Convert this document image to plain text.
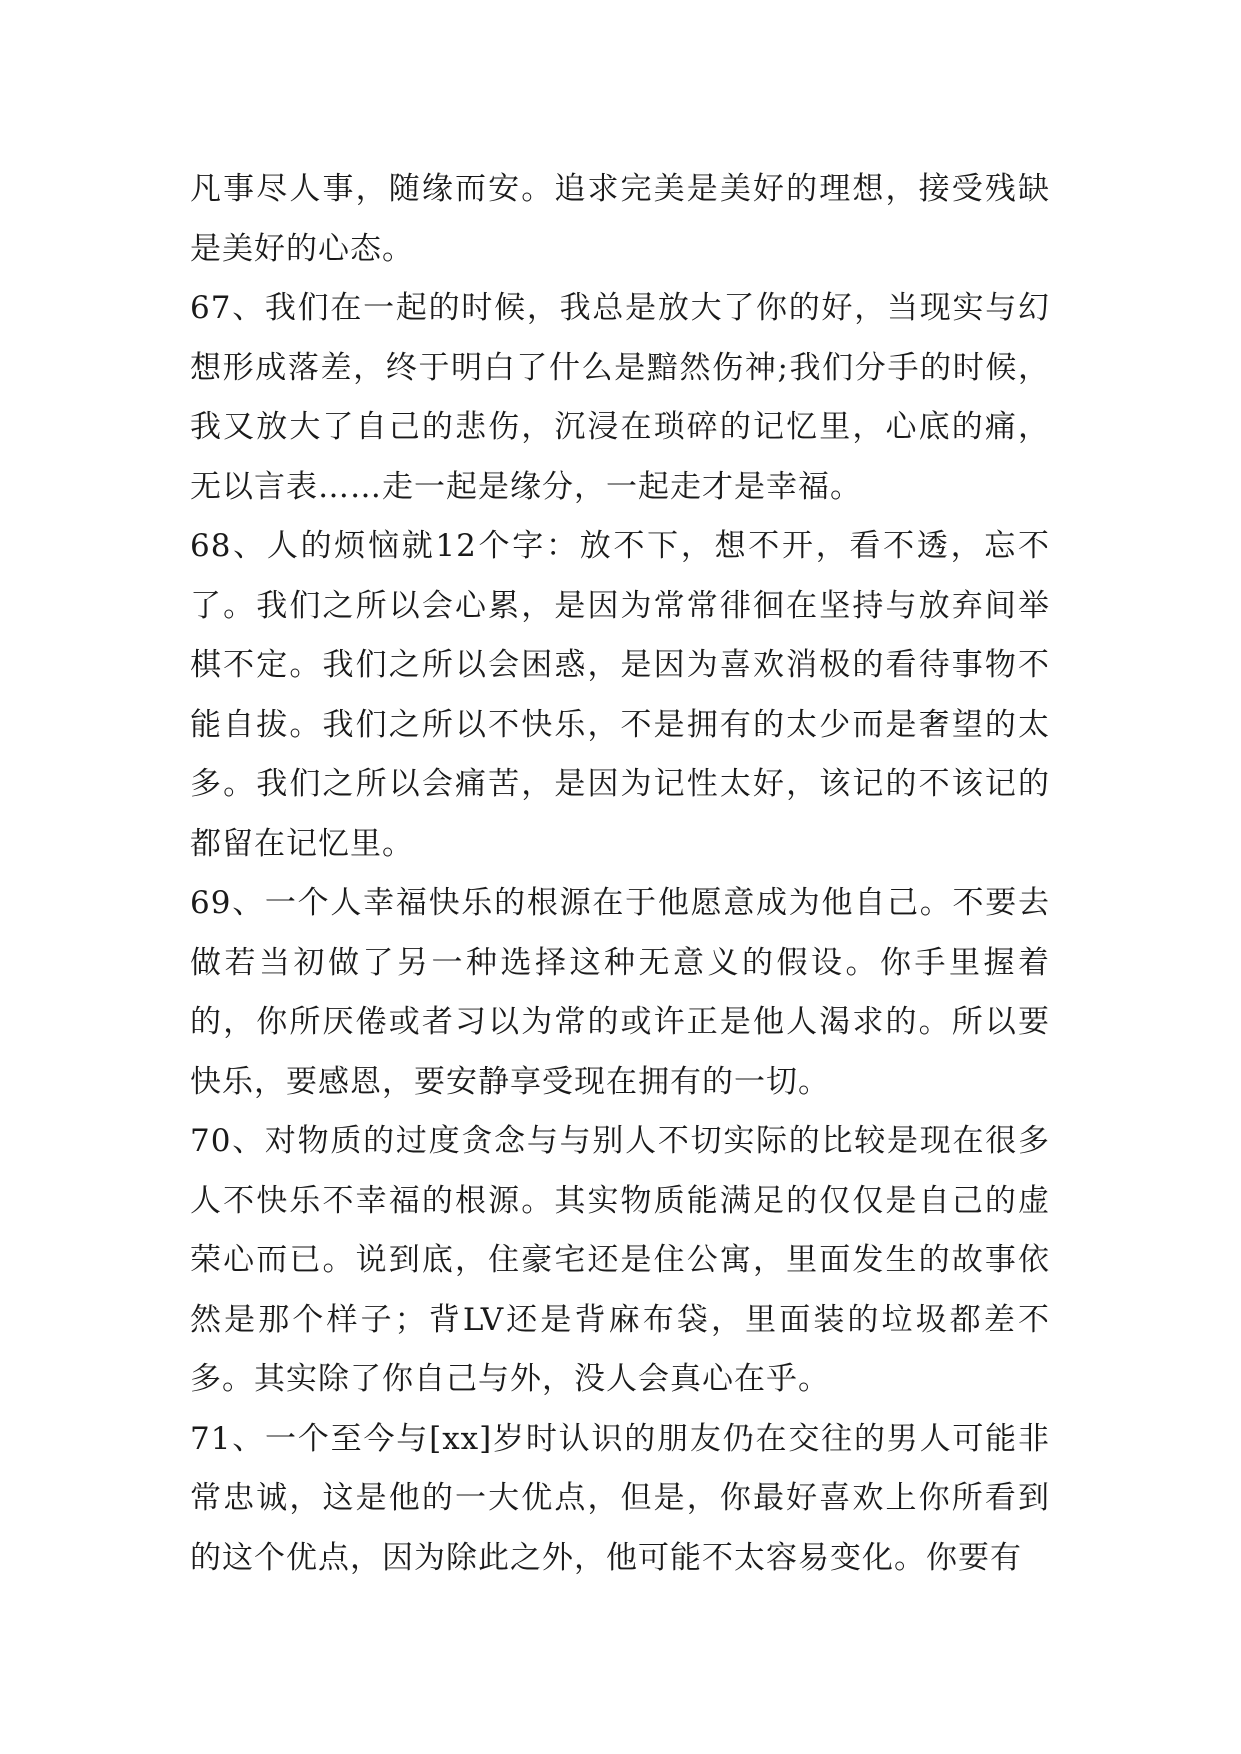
凡事尽人事，随缘而安。追求完美是美好的理想，接受残缺是美好的心态。

67、我们在一起的时候，我总是放大了你的好，当现实与幻想形成落差，终于明白了什么是黯然伤神;我们分手的时候，我又放大了自己的悲伤，沉浸在琐碎的记忆里，心底的痛，无以言表……走一起是缘分，一起走才是幸福。

68、人的烦恼就12个字：放不下，想不开，看不透，忘不了。我们之所以会心累，是因为常常徘徊在坚持与放弃间举棋不定。我们之所以会困惑，是因为喜欢消极的看待事物不能自拔。我们之所以不快乐，不是拥有的太少而是奢望的太多。我们之所以会痛苦，是因为记性太好，该记的不该记的都留在记忆里。

69、一个人幸福快乐的根源在于他愿意成为他自己。不要去做若当初做了另一种选择这种无意义的假设。你手里握着的，你所厌倦或者习以为常的或许正是他人渴求的。所以要快乐，要感恩，要安静享受现在拥有的一切。

70、对物质的过度贪念与与别人不切实际的比较是现在很多人不快乐不幸福的根源。其实物质能满足的仅仅是自己的虚荣心而已。说到底，住豪宅还是住公寓，里面发生的故事依然是那个样子；背LV还是背麻布袋，里面装的垃圾都差不多。其实除了你自己与外，没人会真心在乎。

71、一个至今与[xx]岁时认识的朋友仍在交往的男人可能非常忠诚，这是他的一大优点，但是，你最好喜欢上你所看到的这个优点，因为除此之外，他可能不太容易变化。你要有
